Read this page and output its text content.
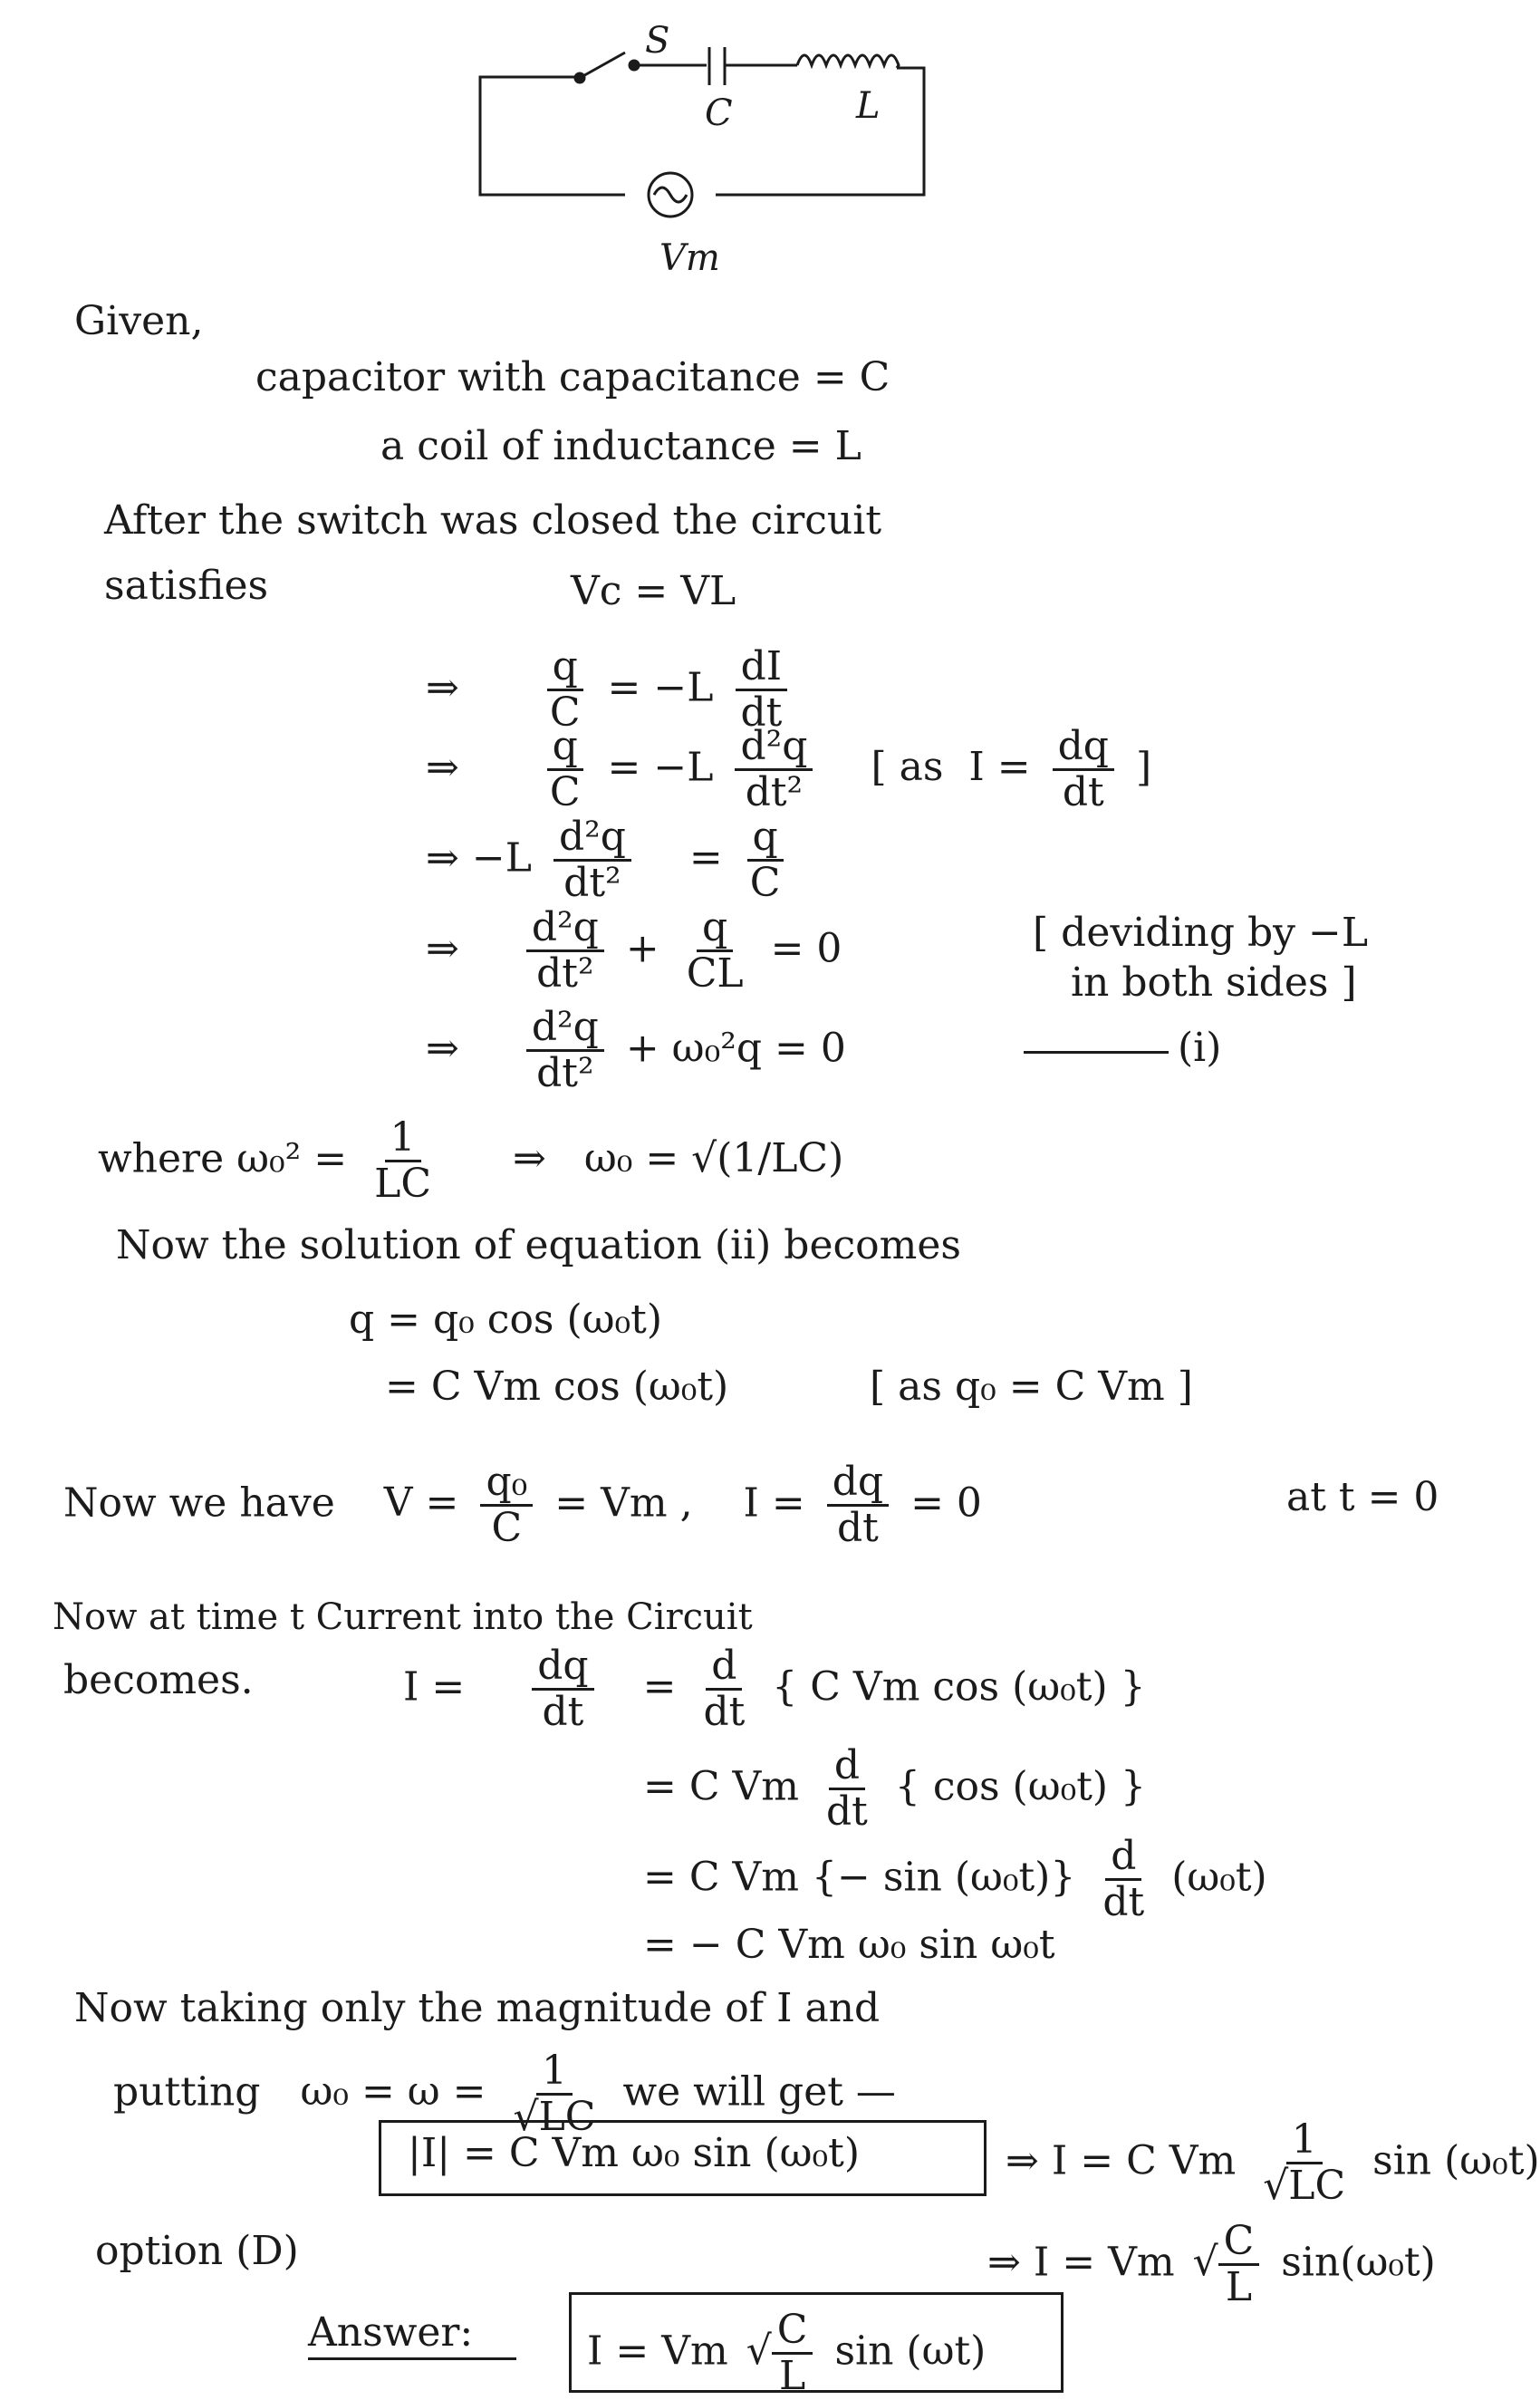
S
C	L
Vm
Given,
capacitor with capacitance = C
a coil of inductance = L
After the switch was closed the circuit
satisfies	Vc = VL
⇒ $\frac{q}{C} = -L \frac{dI}{dt}$
⇒ $\frac{q}{C} = -L \frac{\text{d²q}}{\text{dt²}}$ [ as  $I = \frac{dq}{dt}$ ]
⇒ $-L \frac{\text{d²q}}{\text{dt²}} = \frac{q}{C}$
⇒ $\frac{\text{d²q}}{\text{dt²}} + \frac{q}{CL} = 0$	[ deviding by −L
in both sides ]
⇒ $\frac{\text{d²q}}{\text{dt²}} + \omega_0^2q = 0$	(i)
where $\omega_0^2 = \frac{1}{LC}$ ⇒   ω₀ = √(1/LC)
Now the solution of equation (ii) becomes
q = q₀ cos (ω₀t)
= C Vm cos (ω₀t)	[ as q₀ = C Vm ]
Now we have $V = \frac{\text{q₀}}{C} = Vm$ ,    $I = \frac{dq}{dt} = 0$	at t = 0
Now at time t Current into the Circuit
becomes.	$I = \frac{dq}{dt} = \frac{d}{dt}$ { C Vm cos (ω₀t) }
= C Vm $\frac{d}{dt}$ { cos (ω₀t) }
= C Vm {− $\sin (\omega_0t)\} \frac{d}{dt} (\omega_0t)$
= − C Vm ω₀ sin ω₀t
Now taking only the magnitude of I and
putting $\omega_0 = \omega = \frac{1}{√LC}$ we will get —
|I| = C Vm ω₀ sin (ω₀t)	⇒ I = C Vm $\frac{1}{√LC}$ sin (ω₀t)
option (D)	⇒ I = Vm √ $\frac{C}{L} \sin(\omega_0t)$
Answer:	I = Vm √ $\frac{C}{L}$ sin (ωt)
